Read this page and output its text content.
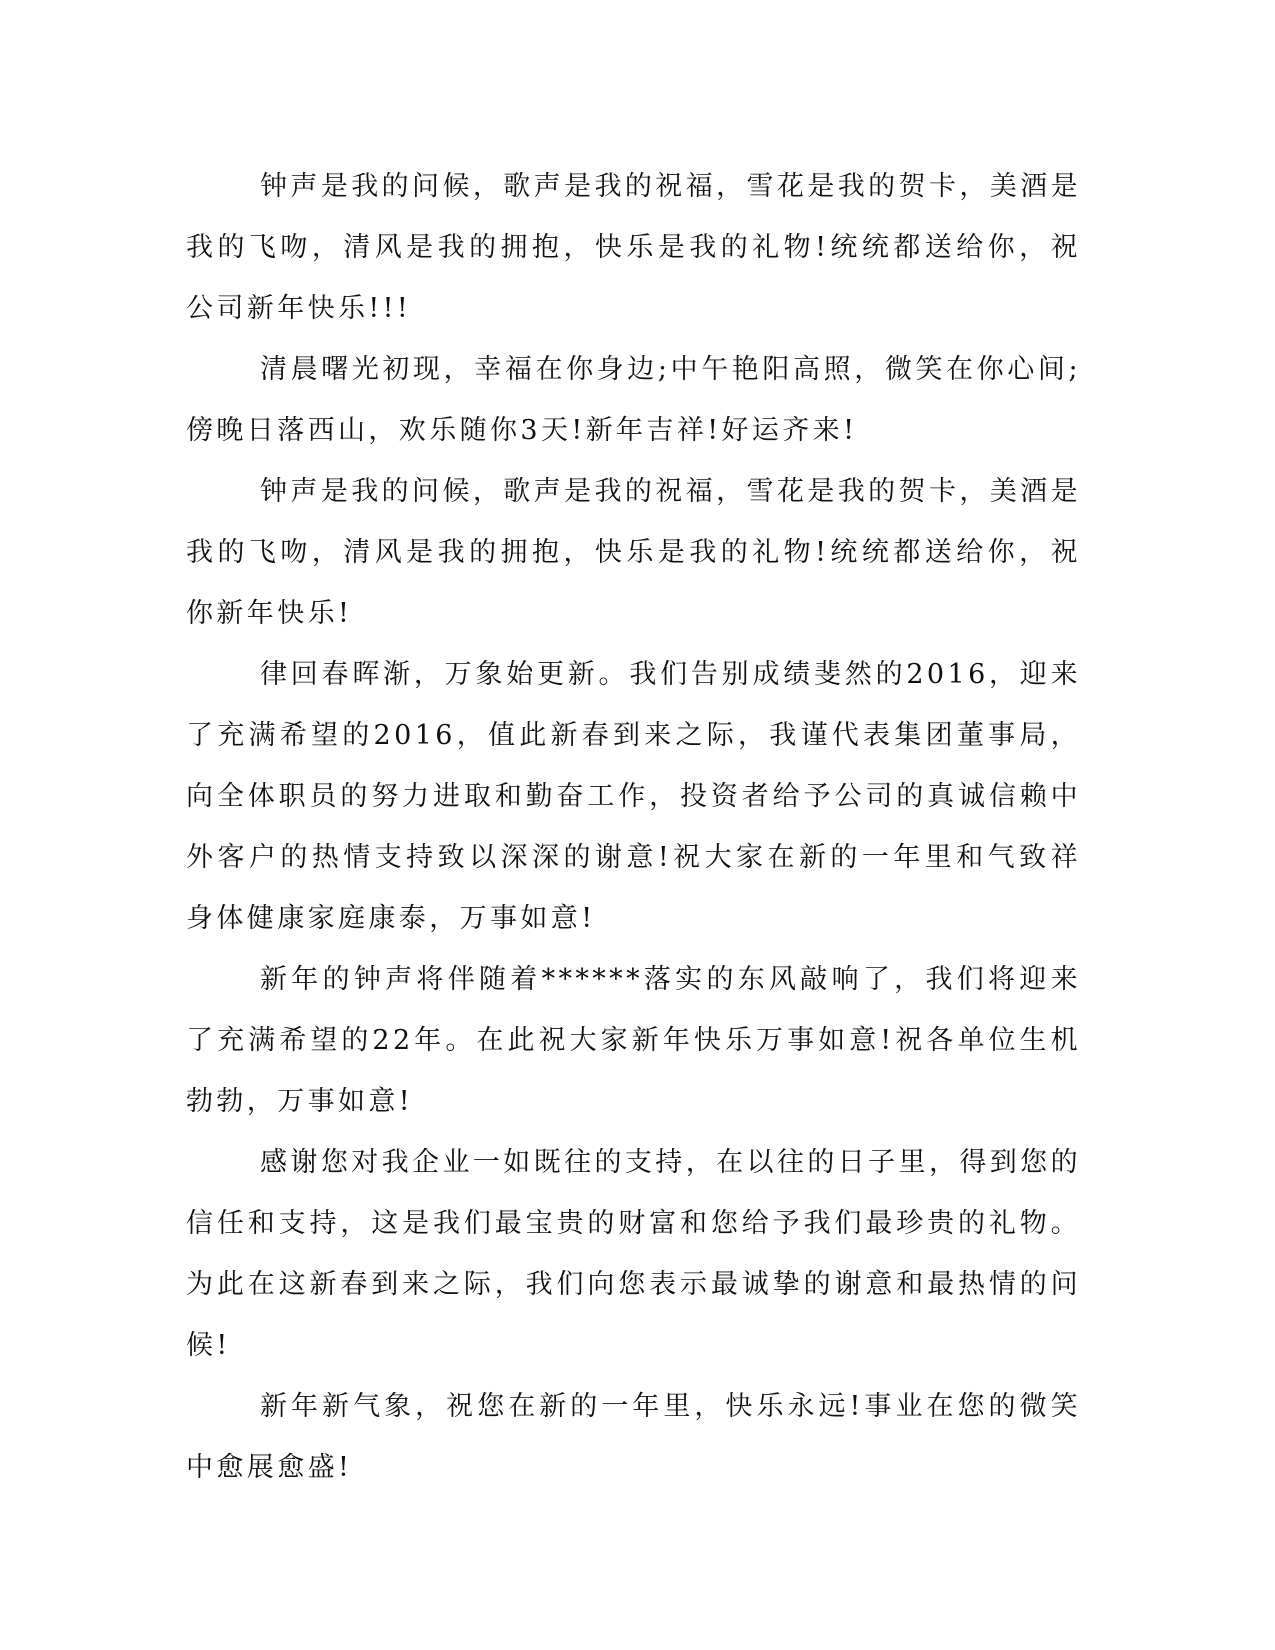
钟声是我的问候，歌声是我的祝福，雪花是我的贺卡，美酒是我的飞吻，清风是我的拥抱，快乐是我的礼物!统统都送给你，祝公司新年快乐!!!

清晨曙光初现，幸福在你身边;中午艳阳高照，微笑在你心间;傍晚日落西山，欢乐随你3天!新年吉祥!好运齐来!

钟声是我的问候，歌声是我的祝福，雪花是我的贺卡，美酒是我的飞吻，清风是我的拥抱，快乐是我的礼物!统统都送给你，祝你新年快乐!

律回春晖渐，万象始更新。我们告别成绩斐然的2016，迎来了充满希望的2016，值此新春到来之际，我谨代表集团董事局，向全体职员的努力进取和勤奋工作，投资者给予公司的真诚信赖中外客户的热情支持致以深深的谢意!祝大家在新的一年里和气致祥身体健康家庭康泰，万事如意!

新年的钟声将伴随着******落实的东风敲响了，我们将迎来了充满希望的22年。在此祝大家新年快乐万事如意!祝各单位生机勃勃，万事如意!

感谢您对我企业一如既往的支持，在以往的日子里，得到您的信任和支持，这是我们最宝贵的财富和您给予我们最珍贵的礼物。为此在这新春到来之际，我们向您表示最诚挚的谢意和最热情的问候!

新年新气象，祝您在新的一年里，快乐永远!事业在您的微笑中愈展愈盛!
